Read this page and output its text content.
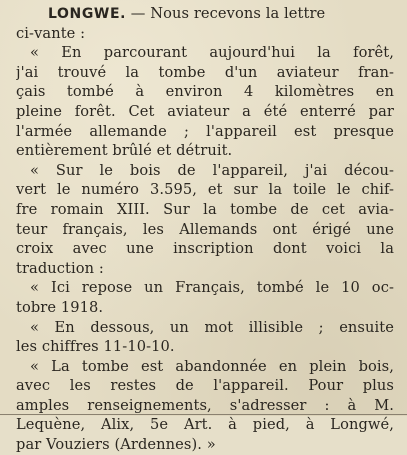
LONGWE. — Nous recevons la lettre
ci-vante :
« En parcourant aujourd'hui la forêt,
j'ai trouvé la tombe d'un aviateur fran-
çais tombé à environ 4 kilomètres en
pleine forêt. Cet aviateur a été enterré par
l'armée allemande ; l'appareil est presque
entièrement brûlé et détruit.
« Sur le bois de l'appareil, j'ai décou-
vert le numéro 3.595, et sur la toile le chif-
fre romain XIII. Sur la tombe de cet avia-
teur français, les Allemands ont érigé une
croix avec une inscription dont voici la
traduction :
« Ici repose un Français, tombé le 10 oc-
tobre 1918.
« En dessous, un mot illisible ; ensuite
les chiffres 11-10-10.
« La tombe est abandonnée en plein bois,
avec les restes de l'appareil. Pour plus
amples renseignements, s'adresser : à M.
Lequène, Alix, 5e Art. à pied, à Longwé,
par Vouziers (Ardennes). »
